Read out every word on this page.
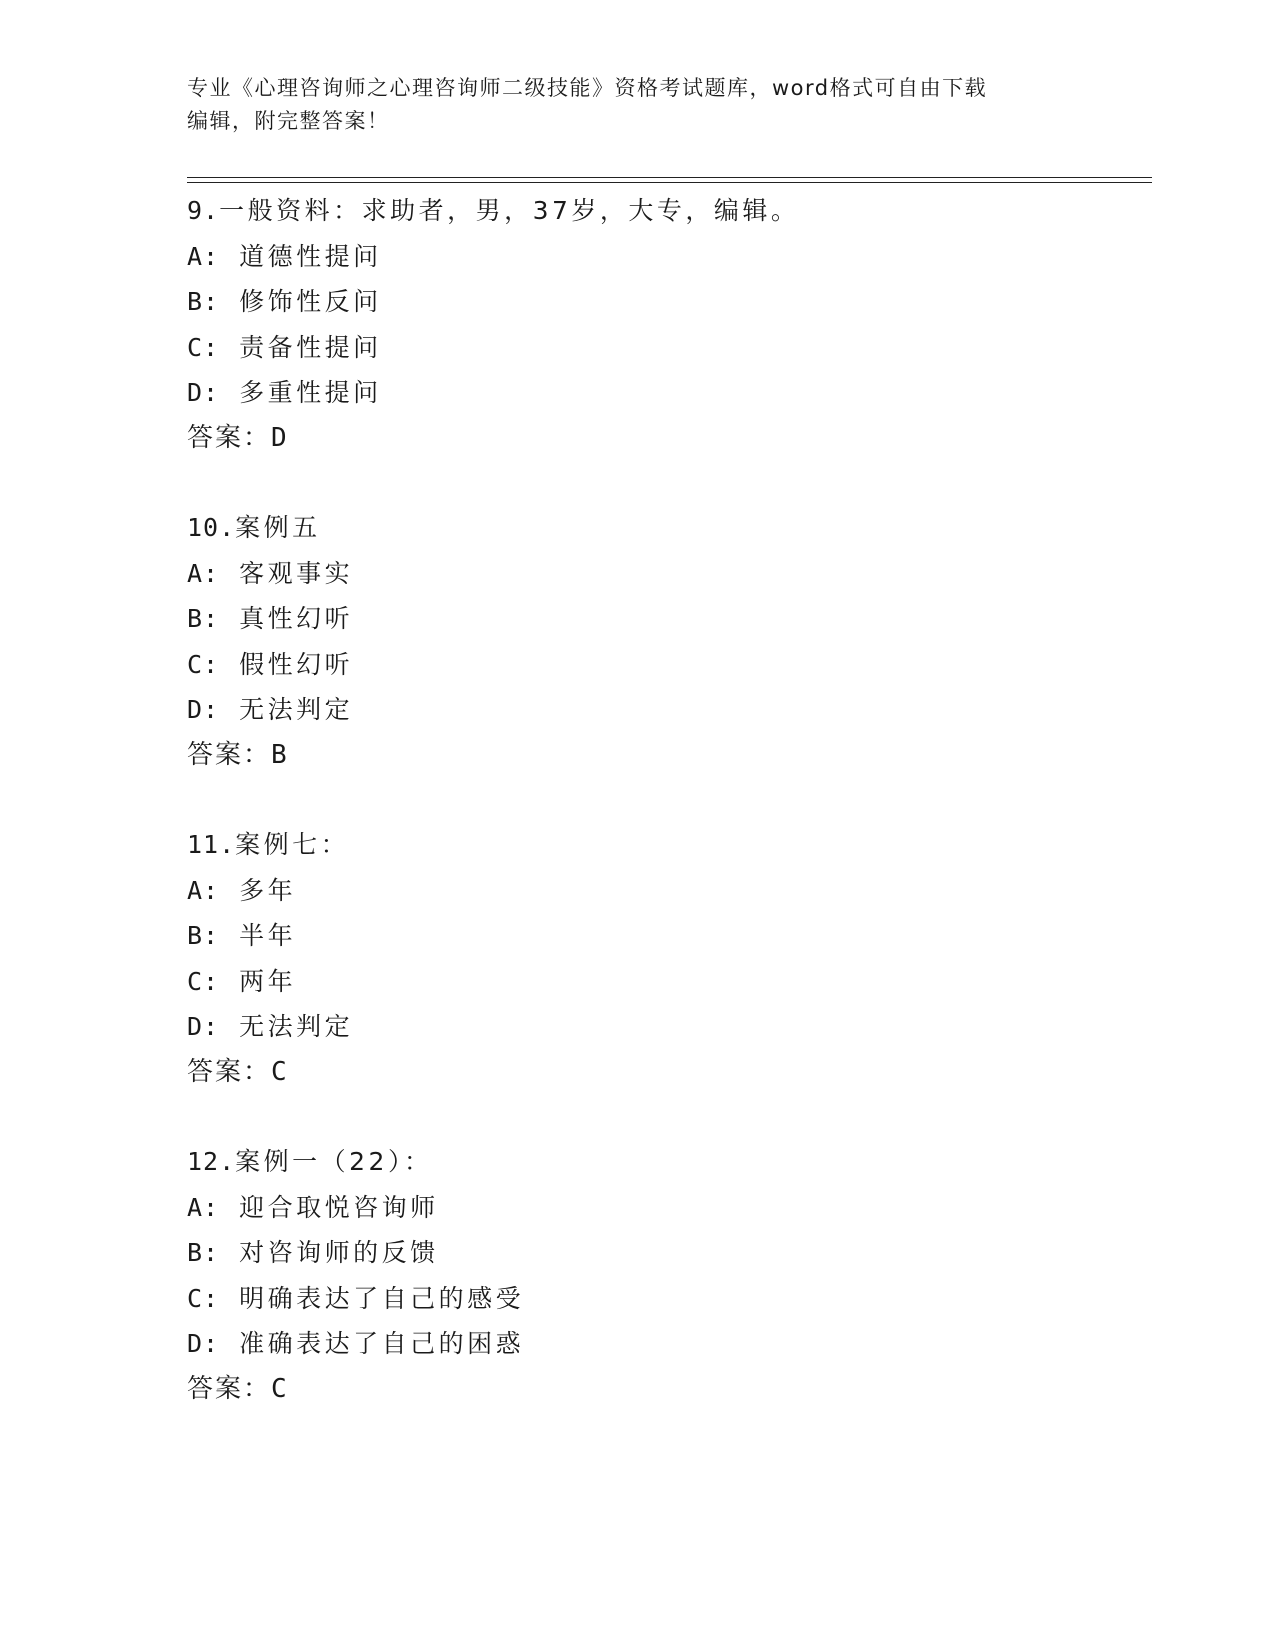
专业《心理咨询师之心理咨询师二级技能》资格考试题库，word格式可自由下载
编辑，附完整答案！
9.一般资料：求助者，男，37岁，大专，编辑。
A: 道德性提问
B: 修饰性反问
C: 责备性提问
D: 多重性提问
答案：D
10.案例五
A: 客观事实
B: 真性幻听
C: 假性幻听
D: 无法判定
答案：B
11.案例七：
A: 多年
B: 半年
C: 两年
D: 无法判定
答案：C
12.案例一（22）：
A: 迎合取悦咨询师
B: 对咨询师的反馈
C: 明确表达了自己的感受
D: 准确表达了自己的困惑
答案：C
